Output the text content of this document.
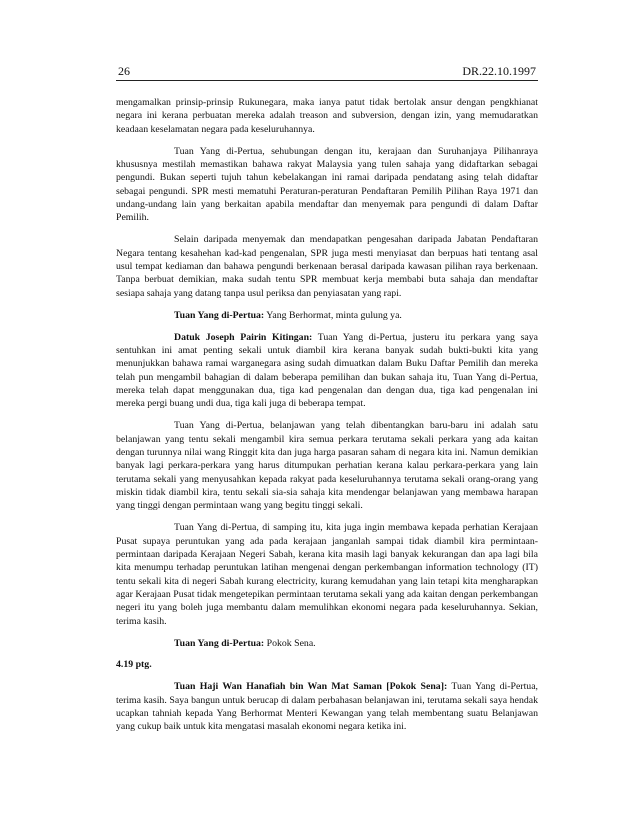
26	DR.22.10.1997

mengamalkan prinsip-prinsip Rukunegara, maka ianya patut tidak bertolak ansur dengan pengkhianat negara ini kerana perbuatan mereka adalah treason and subversion, dengan izin, yang memudaratkan keadaan keselamatan negara pada keseluruhannya.

Tuan Yang di-Pertua, sehubungan dengan itu, kerajaan dan Suruhanjaya Pilihanraya khususnya mestilah memastikan bahawa rakyat Malaysia yang tulen sahaja yang didaftarkan sebagai pengundi. Bukan seperti tujuh tahun kebelakangan ini ramai daripada pendatang asing telah didaftar sebagai pengundi. SPR mesti mematuhi Peraturan-peraturan Pendaftaran Pemilih Pilihan Raya 1971 dan undang-undang lain yang berkaitan apabila mendaftar dan menyemak para pengundi di dalam Daftar Pemilih.

Selain daripada menyemak dan mendapatkan pengesahan daripada Jabatan Pendaftaran Negara tentang kesahehan kad-kad pengenalan, SPR juga mesti menyiasat dan berpuas hati tentang asal usul tempat kediaman dan bahawa pengundi berkenaan berasal daripada kawasan pilihan raya berkenaan. Tanpa berbuat demikian, maka sudah tentu SPR membuat kerja membabi buta sahaja dan mendaftar sesiapa sahaja yang datang tanpa usul periksa dan penyiasatan yang rapi.

Tuan Yang di-Pertua: Yang Berhormat, minta gulung ya.

Datuk Joseph Pairin Kitingan: Tuan Yang di-Pertua, justeru itu perkara yang saya sentuhkan ini amat penting sekali untuk diambil kira kerana banyak sudah bukti-bukti kita yang menunjukkan bahawa ramai warganegara asing sudah dimuatkan dalam Buku Daftar Pemilih dan mereka telah pun mengambil bahagian di dalam beberapa pemilihan dan bukan sahaja itu, Tuan Yang di-Pertua, mereka telah dapat menggunakan dua, tiga kad pengenalan dan dengan dua, tiga kad pengenalan ini mereka pergi buang undi dua, tiga kali juga di beberapa tempat.

Tuan Yang di-Pertua, belanjawan yang telah dibentangkan baru-baru ini adalah satu belanjawan yang tentu sekali mengambil kira semua perkara terutama sekali perkara yang ada kaitan dengan turunnya nilai wang Ringgit kita dan juga harga pasaran saham di negara kita ini. Namun demikian banyak lagi perkara-perkara yang harus ditumpukan perhatian kerana kalau perkara-perkara yang lain terutama sekali yang menyusahkan kepada rakyat pada keseluruhannya terutama sekali orang-orang yang miskin tidak diambil kira, tentu sekali sia-sia sahaja kita mendengar belanjawan yang membawa harapan yang tinggi dengan permintaan wang yang begitu tinggi sekali.

Tuan Yang di-Pertua, di samping itu, kita juga ingin membawa kepada perhatian Kerajaan Pusat supaya peruntukan yang ada pada kerajaan janganlah sampai tidak diambil kira permintaan-permintaan daripada Kerajaan Negeri Sabah, kerana kita masih lagi banyak kekurangan dan apa lagi bila kita menumpu terhadap peruntukan latihan mengenai dengan perkembangan information technology (IT) tentu sekali kita di negeri Sabah kurang electricity, kurang kemudahan yang lain tetapi kita mengharapkan agar Kerajaan Pusat tidak mengetepikan permintaan terutama sekali yang ada kaitan dengan perkembangan negeri itu yang boleh juga membantu dalam memulihkan ekonomi negara pada keseluruhannya. Sekian, terima kasih.

Tuan Yang di-Pertua: Pokok Sena.

4.19 ptg.

Tuan Haji Wan Hanafiah bin Wan Mat Saman [Pokok Sena]: Tuan Yang di-Pertua, terima kasih. Saya bangun untuk berucap di dalam perbahasan belanjawan ini, terutama sekali saya hendak ucapkan tahniah kepada Yang Berhormat Menteri Kewangan yang telah membentang suatu Belanjawan yang cukup baik untuk kita mengatasi masalah ekonomi negara ketika ini.
